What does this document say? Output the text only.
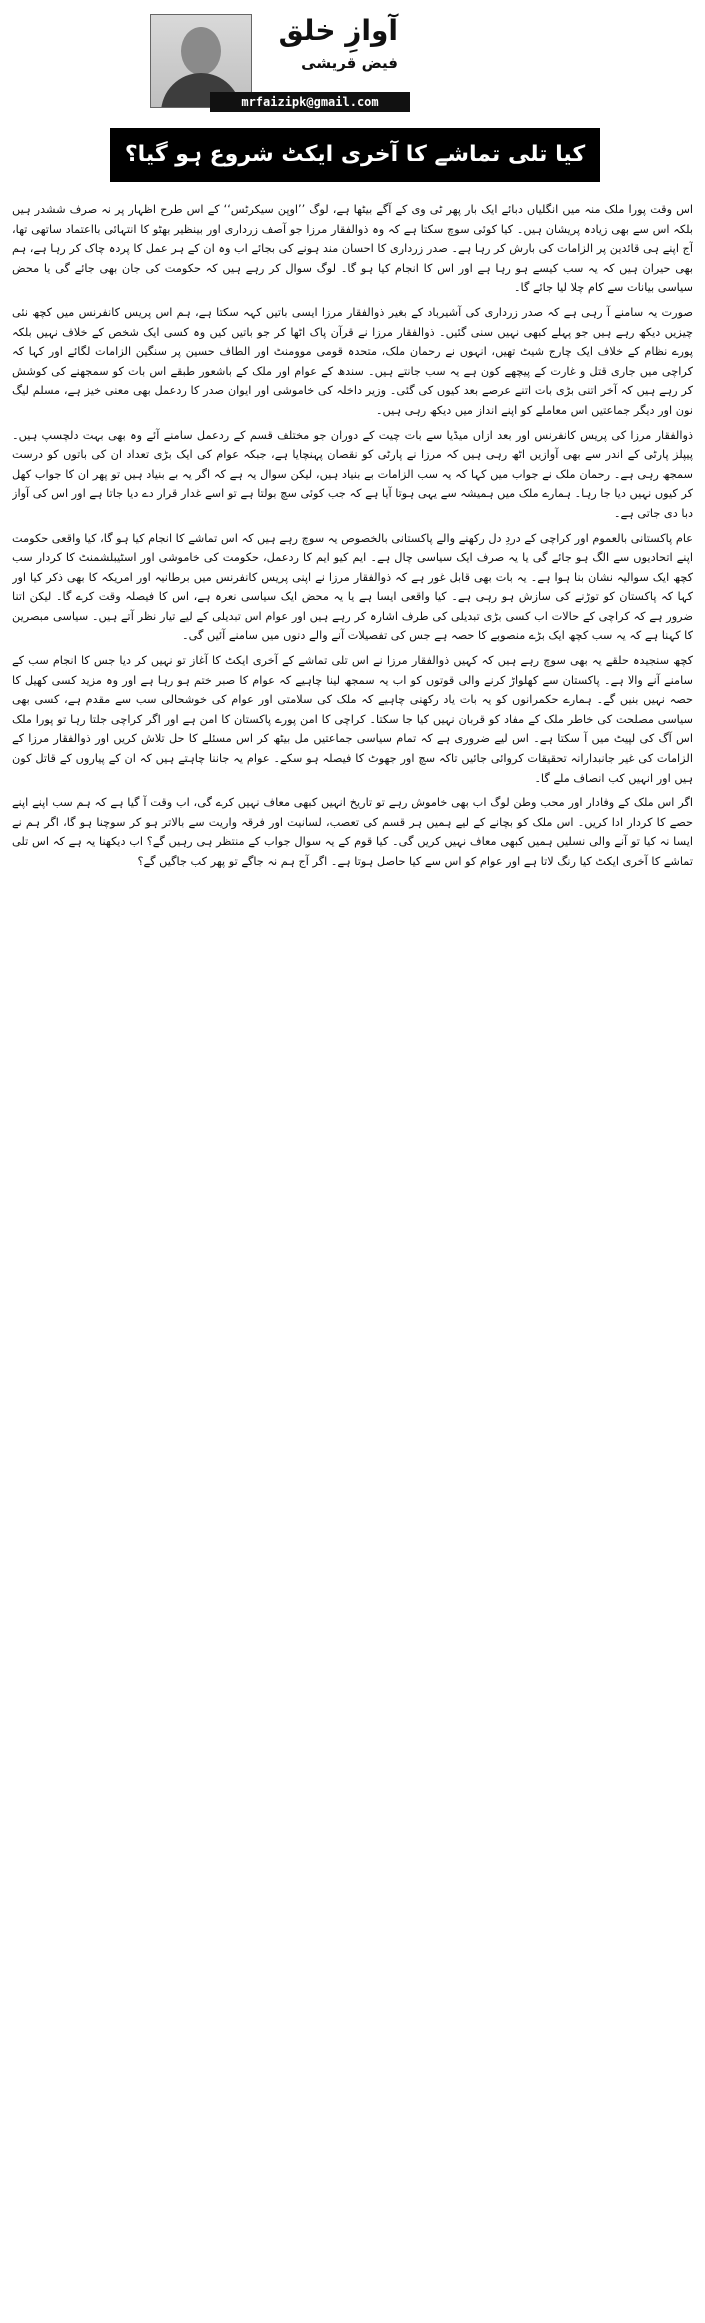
آوازِ خلق
فیض قریشی
mrfaizipk@gmail.com
کیا تلی تماشے کا آخری ایکٹ شروع ہو گیا؟

اس وقت پورا ملک منہ میں انگلیاں دبائے ایک بار پھر ٹی وی کے آگے بیٹھا ہے، لوگ ’’اوپن سیکرٹس‘‘ کے اس طرح اظہار پر نہ صرف ششدر ہیں بلکہ اس سے بھی زیادہ پریشان ہیں۔ کیا کوئی سوچ سکتا ہے کہ وہ ذوالفقار مرزا جو آصف زرداری اور بینظیر بھٹو کا انتہائی بااعتماد ساتھی تھا، آج اپنے ہی قائدین پر الزامات کی بارش کر رہا ہے۔ صدر زرداری کا احسان مند ہونے کی بجائے اب وہ ان کے ہر عمل کا پردہ چاک کر رہا ہے، ہم بھی حیران ہیں کہ یہ سب کیسے ہو رہا ہے اور اس کا انجام کیا ہو گا۔ لوگ سوال کر رہے ہیں کہ حکومت کی جان بھی جائے گی یا محض سیاسی بیانات سے کام چلا لیا جائے گا۔

صورت یہ سامنے آ رہی ہے کہ صدر زرداری کی آشیرباد کے بغیر ذوالفقار مرزا ایسی باتیں کہہ سکتا ہے، ہم اس پریس کانفرنس میں کچھ نئی چیزیں دیکھ رہے ہیں جو پہلے کبھی نہیں سنی گئیں۔ ذوالفقار مرزا نے قرآن پاک اٹھا کر جو باتیں کیں وہ کسی ایک شخص کے خلاف نہیں بلکہ پورے نظام کے خلاف ایک چارج شیٹ تھیں، انہوں نے رحمان ملک، متحدہ قومی موومنٹ اور الطاف حسین پر سنگین الزامات لگائے اور کہا کہ کراچی میں جاری قتل و غارت کے پیچھے کون ہے یہ سب جانتے ہیں۔ سندھ کے عوام اور ملک کے باشعور طبقے اس بات کو سمجھنے کی کوشش کر رہے ہیں کہ آخر اتنی بڑی بات اتنے عرصے بعد کیوں کی گئی۔ وزیر داخلہ کی خاموشی اور ایوان صدر کا ردعمل بھی معنی خیز ہے، مسلم لیگ نون اور دیگر جماعتیں اس معاملے کو اپنے انداز میں دیکھ رہی ہیں۔

ذوالفقار مرزا کی پریس کانفرنس اور بعد ازاں میڈیا سے بات چیت کے دوران جو مختلف قسم کے ردعمل سامنے آئے وہ بھی بہت دلچسپ ہیں۔ پیپلز پارٹی کے اندر سے بھی آوازیں اٹھ رہی ہیں کہ مرزا نے پارٹی کو نقصان پہنچایا ہے، جبکہ عوام کی ایک بڑی تعداد ان کی باتوں کو درست سمجھ رہی ہے۔ رحمان ملک نے جواب میں کہا کہ یہ سب الزامات بے بنیاد ہیں، لیکن سوال یہ ہے کہ اگر یہ بے بنیاد ہیں تو پھر ان کا جواب کھل کر کیوں نہیں دیا جا رہا۔ ہمارے ملک میں ہمیشہ سے یہی ہوتا آیا ہے کہ جب کوئی سچ بولتا ہے تو اسے غدار قرار دے دیا جاتا ہے اور اس کی آواز دبا دی جاتی ہے۔

عام پاکستانی بالعموم اور کراچی کے دردِ دل رکھنے والے پاکستانی بالخصوص یہ سوچ رہے ہیں کہ اس تماشے کا انجام کیا ہو گا، کیا واقعی حکومت اپنے اتحادیوں سے الگ ہو جائے گی یا یہ صرف ایک سیاسی چال ہے۔ ایم کیو ایم کا ردعمل، حکومت کی خاموشی اور اسٹیبلشمنٹ کا کردار سب کچھ ایک سوالیہ نشان بنا ہوا ہے۔ یہ بات بھی قابل غور ہے کہ ذوالفقار مرزا نے اپنی پریس کانفرنس میں برطانیہ اور امریکہ کا بھی ذکر کیا اور کہا کہ پاکستان کو توڑنے کی سازش ہو رہی ہے۔ کیا واقعی ایسا ہے یا یہ محض ایک سیاسی نعرہ ہے، اس کا فیصلہ وقت کرے گا۔ لیکن اتنا ضرور ہے کہ کراچی کے حالات اب کسی بڑی تبدیلی کی طرف اشارہ کر رہے ہیں اور عوام اس تبدیلی کے لیے تیار نظر آتے ہیں۔ سیاسی مبصرین کا کہنا ہے کہ یہ سب کچھ ایک بڑے منصوبے کا حصہ ہے جس کی تفصیلات آنے والے دنوں میں سامنے آئیں گی۔

کچھ سنجیدہ حلقے یہ بھی سوچ رہے ہیں کہ کہیں ذوالفقار مرزا نے اس تلی تماشے کے آخری ایکٹ کا آغاز تو نہیں کر دیا جس کا انجام سب کے سامنے آنے والا ہے۔ پاکستان سے کھلواڑ کرنے والی قوتوں کو اب یہ سمجھ لینا چاہیے کہ عوام کا صبر ختم ہو رہا ہے اور وہ مزید کسی کھیل کا حصہ نہیں بنیں گے۔ ہمارے حکمرانوں کو یہ بات یاد رکھنی چاہیے کہ ملک کی سلامتی اور عوام کی خوشحالی سب سے مقدم ہے، کسی بھی سیاسی مصلحت کی خاطر ملک کے مفاد کو قربان نہیں کیا جا سکتا۔ کراچی کا امن پورے پاکستان کا امن ہے اور اگر کراچی جلتا رہا تو پورا ملک اس آگ کی لپیٹ میں آ سکتا ہے۔ اس لیے ضروری ہے کہ تمام سیاسی جماعتیں مل بیٹھ کر اس مسئلے کا حل تلاش کریں اور ذوالفقار مرزا کے الزامات کی غیر جانبدارانہ تحقیقات کروائی جائیں تاکہ سچ اور جھوٹ کا فیصلہ ہو سکے۔ عوام یہ جاننا چاہتے ہیں کہ ان کے پیاروں کے قاتل کون ہیں اور انہیں کب انصاف ملے گا۔

اگر اس ملک کے وفادار اور محب وطن لوگ اب بھی خاموش رہے تو تاریخ انہیں کبھی معاف نہیں کرے گی، اب وقت آ گیا ہے کہ ہم سب اپنے اپنے حصے کا کردار ادا کریں۔ اس ملک کو بچانے کے لیے ہمیں ہر قسم کی تعصب، لسانیت اور فرقہ واریت سے بالاتر ہو کر سوچنا ہو گا، اگر ہم نے ایسا نہ کیا تو آنے والی نسلیں ہمیں کبھی معاف نہیں کریں گی۔ کیا قوم کے یہ سوال جواب کے منتظر ہی رہیں گے؟ اب دیکھنا یہ ہے کہ اس تلی تماشے کا آخری ایکٹ کیا رنگ لاتا ہے اور عوام کو اس سے کیا حاصل ہوتا ہے۔ اگر آج ہم نہ جاگے تو پھر کب جاگیں گے؟
